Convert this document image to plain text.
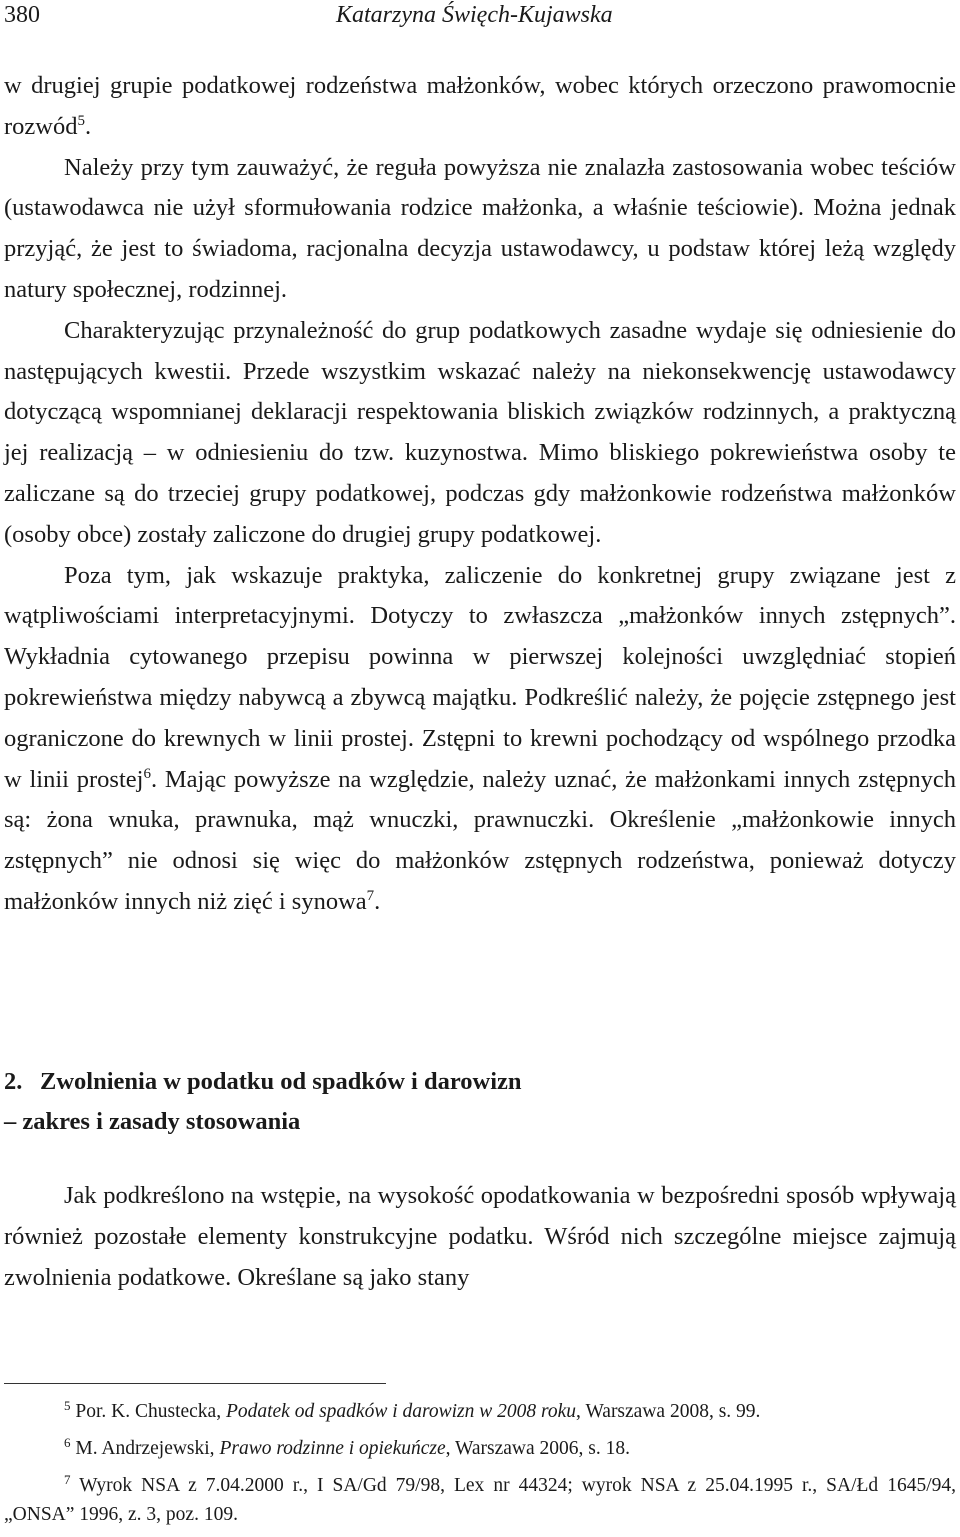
380	Katarzyna Święch-Kujawska

w drugiej grupie podatkowej rodzeństwa małżonków, wobec których orzeczono prawomocnie rozwód$^5$.

Należy przy tym zauważyć, że reguła powyższa nie znalazła zastosowania wobec teściów (ustawodawca nie użył sformułowania rodzice małżonka, a właśnie teściowie). Można jednak przyjąć, że jest to świadoma, racjonalna decyzja ustawodawcy, u podstaw której leżą względy natury społecznej, rodzinnej.

Charakteryzując przynależność do grup podatkowych zasadne wydaje się odniesienie do następujących kwestii. Przede wszystkim wskazać należy na niekonsekwencję ustawodawcy dotyczącą wspomnianej deklaracji respektowania bliskich związków rodzinnych, a praktyczną jej realizacją – w odniesieniu do tzw. kuzynostwa. Mimo bliskiego pokrewieństwa osoby te zaliczane są do trzeciej grupy podatkowej, podczas gdy małżonkowie rodzeństwa małżonków (osoby obce) zostały zaliczone do drugiej grupy podatkowej.

Poza tym, jak wskazuje praktyka, zaliczenie do konkretnej grupy związane jest z wątpliwościami interpretacyjnymi. Dotyczy to zwłaszcza „małżonków innych zstępnych”. Wykładnia cytowanego przepisu powinna w pierwszej kolejności uwzględniać stopień pokrewieństwa między nabywcą a zbywcą majątku. Podkreślić należy, że pojęcie zstępnego jest ograniczone do krewnych w linii prostej. Zstępni to krewni pochodzący od wspólnego przodka w linii prostej$^6$. Mając powyższe na względzie, należy uznać, że małżonkami innych zstępnych są: żona wnuka, prawnuka, mąż wnuczki, prawnuczki. Określenie „małżonkowie innych zstępnych” nie odnosi się więc do małżonków zstępnych rodzeństwa, ponieważ dotyczy małżonków innych niż zięć i synowa$^7$.

2. Zwolnienia w podatku od spadków i darowizn
– zakres i zasady stosowania

Jak podkreślono na wstępie, na wysokość opodatkowania w bezpośredni sposób wpływają również pozostałe elementy konstrukcyjne podatku. Wśród nich szczególne miejsce zajmują zwolnienia podatkowe. Określane są jako stany

$^5$ Por. K. Chustecka, Podatek od spadków i darowizn w 2008 roku, Warszawa 2008, s. 99.

$^6$ M. Andrzejewski, Prawo rodzinne i opiekuńcze, Warszawa 2006, s. 18.

$^7$ Wyrok NSA z 7.04.2000 r., I SA/Gd 79/98, Lex nr 44324; wyrok NSA z 25.04.1995 r., SA/Łd 1645/94, „ONSA” 1996, z. 3, poz. 109.
